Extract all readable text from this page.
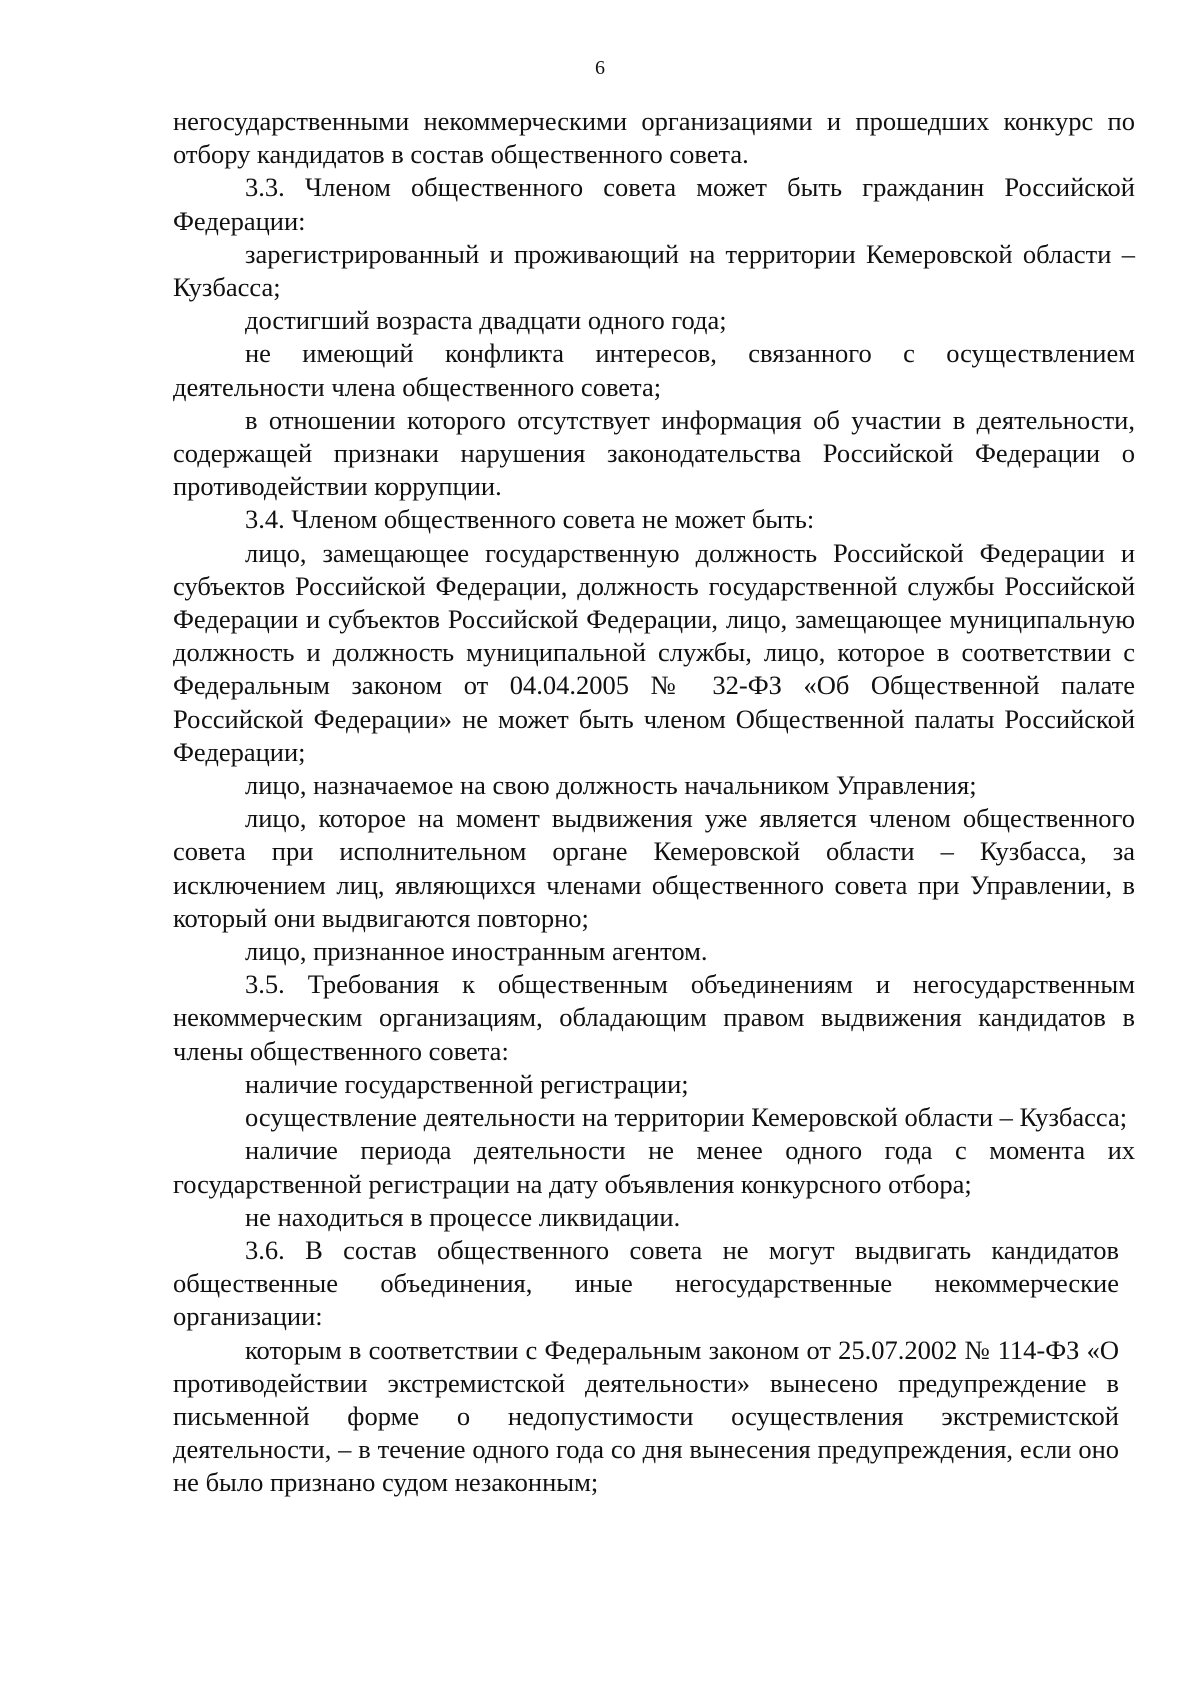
6

негосударственными некоммерческими организациями и прошедших конкурс по отбору кандидатов в состав общественного совета.

3.3. Членом общественного совета может быть гражданин Российской Федерации:

зарегистрированный и проживающий на территории Кемеровской области – Кузбасса;

достигший возраста двадцати одного года;

не имеющий конфликта интересов, связанного с осуществлением деятельности члена общественного совета;

в отношении которого отсутствует информация об участии в деятельности, содержащей признаки нарушения законодательства Российской Федерации о противодействии коррупции.

3.4. Членом общественного совета не может быть:

лицо, замещающее государственную должность Российской Федерации и субъектов Российской Федерации, должность государственной службы Российской Федерации и субъектов Российской Федерации, лицо, замещающее муниципальную должность и должность муниципальной службы, лицо, которое в соответствии с Федеральным законом от 04.04.2005 № 32-ФЗ «Об Общественной палате Российской Федерации» не может быть членом Общественной палаты Российской Федерации;

лицо, назначаемое на свою должность начальником Управления;

лицо, которое на момент выдвижения уже является членом общественного совета при исполнительном органе Кемеровской области – Кузбасса, за исключением лиц, являющихся членами общественного совета при Управлении, в который они выдвигаются повторно;

лицо, признанное иностранным агентом.

3.5. Требования к общественным объединениям и негосударственным некоммерческим организациям, обладающим правом выдвижения кандидатов в члены общественного совета:

наличие государственной регистрации;

осуществление деятельности на территории Кемеровской области – Кузбасса;

наличие периода деятельности не менее одного года с момента их государственной регистрации на дату объявления конкурсного отбора;

не находиться в процессе ликвидации.

3.6. В состав общественного совета не могут выдвигать кандидатов общественные объединения, иные негосударственные некоммерческие организации:

которым в соответствии с Федеральным законом от 25.07.2002 № 114-ФЗ «О противодействии экстремистской деятельности» вынесено предупреждение в письменной форме о недопустимости осуществления экстремистской деятельности, – в течение одного года со дня вынесения предупреждения, если оно не было признано судом незаконным;
